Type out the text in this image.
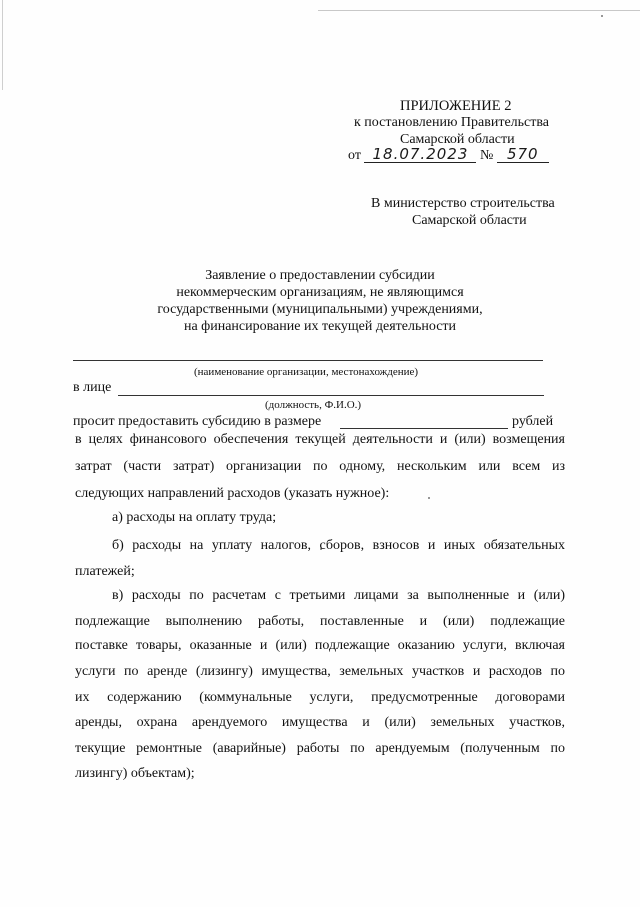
ПРИЛОЖЕНИЕ 2
к постановлению Правительства
Самарской области
от 18.07.2023 № 570
В министерство строительства
Самарской области
Заявление о предоставлении субсидии
некоммерческим организациям, не являющимся
государственными (муниципальными) учреждениями,
на финансирование их текущей деятельности
(наименование организации, местонахождение)
в лице
(должность, Ф.И.О.)
просит предоставить субсидию в размере	рублей
в целях финансового обеспечения текущей деятельности и (или) возмещения
затрат (части затрат) организации по одному, нескольким или всем из
следующих направлений расходов (указать нужное):
а) расходы на оплату труда;
б) расходы на уплату налогов, сборов, взносов и иных обязательных
платежей;
в) расходы по расчетам с третьими лицами за выполненные и (или)
подлежащие выполнению работы, поставленные и (или) подлежащие
поставке товары, оказанные и (или) подлежащие оказанию услуги, включая
услуги по аренде (лизингу) имущества, земельных участков и расходов по
их содержанию (коммунальные услуги, предусмотренные договорами
аренды, охрана арендуемого имущества и (или) земельных участков,
текущие ремонтные (аварийные) работы по арендуемым (полученным по
лизингу) объектам);
